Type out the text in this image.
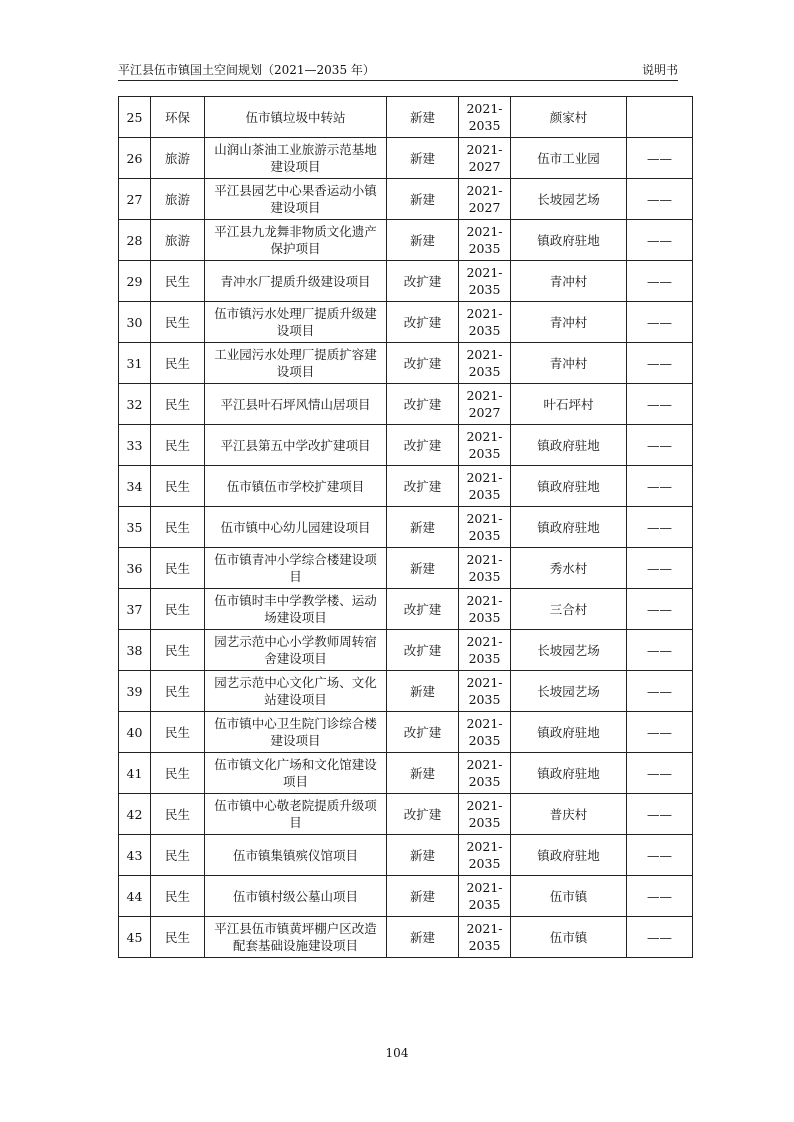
平江县伍市镇国土空间规划（2021—2035 年）	说明书
25	环保	伍市镇垃圾中转站	新建	2021-
2035	颜家村	
26	旅游	山润山茶油工业旅游示范基地建设项目	新建	2021-
2027	伍市工业园	——
27	旅游	平江县园艺中心果香运动小镇建设项目	新建	2021-
2027	长坡园艺场	——
28	旅游	平江县九龙舞非物质文化遗产保护项目	新建	2021-
2035	镇政府驻地	——
29	民生	青冲水厂提质升级建设项目	改扩建	2021-
2035	青冲村	——
30	民生	伍市镇污水处理厂提质升级建设项目	改扩建	2021-
2035	青冲村	——
31	民生	工业园污水处理厂提质扩容建设项目	改扩建	2021-
2035	青冲村	——
32	民生	平江县叶石坪风情山居项目	改扩建	2021-
2027	叶石坪村	——
33	民生	平江县第五中学改扩建项目	改扩建	2021-
2035	镇政府驻地	——
34	民生	伍市镇伍市学校扩建项目	改扩建	2021-
2035	镇政府驻地	——
35	民生	伍市镇中心幼儿园建设项目	新建	2021-
2035	镇政府驻地	——
36	民生	伍市镇青冲小学综合楼建设项目	新建	2021-
2035	秀水村	——
37	民生	伍市镇时丰中学教学楼、运动场建设项目	改扩建	2021-
2035	三合村	——
38	民生	园艺示范中心小学教师周转宿舍建设项目	改扩建	2021-
2035	长坡园艺场	——
39	民生	园艺示范中心文化广场、文化站建设项目	新建	2021-
2035	长坡园艺场	——
40	民生	伍市镇中心卫生院门诊综合楼建设项目	改扩建	2021-
2035	镇政府驻地	——
41	民生	伍市镇文化广场和文化馆建设项目	新建	2021-
2035	镇政府驻地	——
42	民生	伍市镇中心敬老院提质升级项目	改扩建	2021-
2035	普庆村	——
43	民生	伍市镇集镇殡仪馆项目	新建	2021-
2035	镇政府驻地	——
44	民生	伍市镇村级公墓山项目	新建	2021-
2035	伍市镇	——
45	民生	平江县伍市镇黄坪棚户区改造配套基础设施建设项目	新建	2021-
2035	伍市镇	——
104
